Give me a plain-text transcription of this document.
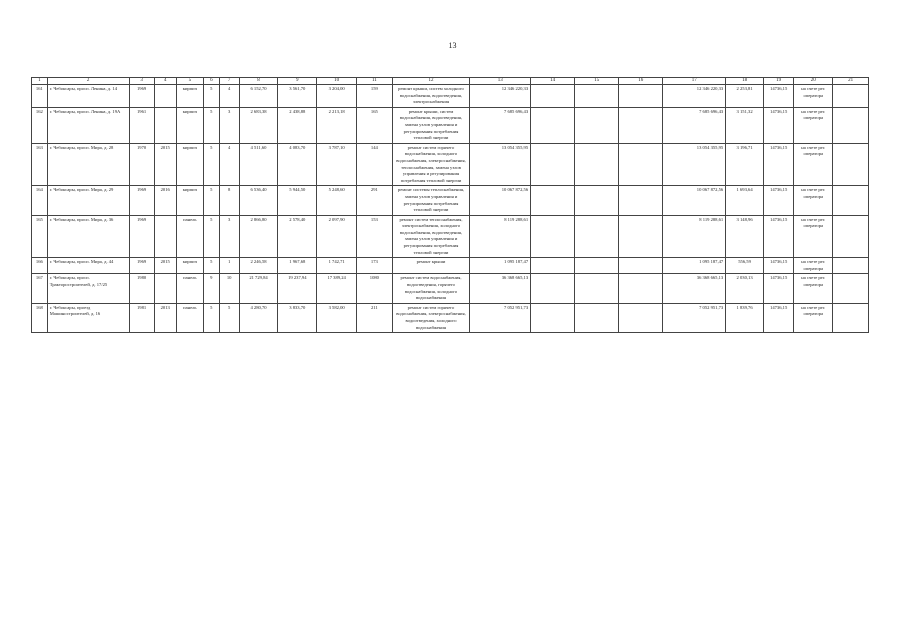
13
1	2	3	4	5	6	7	8	9	10	11	12	13	14	15	16	17	18	19	20	21
161	г. Чебоксары, просп. Ленина, д. 14	1969		кирпич	5	4	6 152,70	3 561,70	3 204,00	159	ремонт крыши, систем холодного водоснабжения, водоотведения, электроснабжения	12 346 220,33				12 346 220,33	2 253,81	14736,15	на счете рег. оператора	
162	г. Чебоксары, просп. Ленина, д. 19А	1961		кирпич	5	3	2 683,38	2 438,88	2 213,18	165	ремонт крыши, систем водоснабжения, водоотведения, замена узлов управления и регулирования потребления тепловой энергии	7 685 696,43				7 685 696,43	3 151,32	14736,15	на счете рег. оператора	
163	г. Чебоксары, просп. Мира, д. 28	1970	2015	кирпич	5	4	4 511,60	4 083,70	3 787,10	144	ремонт систем горячего водоснабжения, холодного водоснабжения, электроснабжения, теплоснабжения, замена узлов управления и регулирования потребления тепловой энергии	13 054 355,95				13 054 355,95	3 196,71	14736,15	на счете рег. оператора	
164	г. Чебоксары, просп. Мира, д. 29	1969	2016	кирпич	5	8	6 536,40	5 944,50	5 248,60	291	ремонт системы теплоснабжения, замена узлов управления и регулирования потребления тепловой энергии	10 067 872,56				10 067 872,56	1 693,64	14736,15	на счете рег. оператора	
165	г. Чебоксары, просп. Мира, д. 36	1969		панель	5	3	2 866,80	2 578,40	2 097,90	153	ремонт систем теплоснабжения, электроснабжения, холодного водоснабжения, водоотведения, замена узлов управления и регулирования потребления тепловой энергии	8 119 288,61				8 119 288,61	3 148,96	14736,15	на счете рег. оператора	
166	г. Чебоксары, просп. Мира, д. 44	1969	2015	кирпич	5	1	2 246,58	1 967,68	1 742,71	173	ремонт крыши	1 095 187,47				1 095 187,47	556,59	14736,15	на счете рег. оператора	
167	г. Чебоксары, просп. Тракторостроителей, д. 17/25	1980		панель	9	10	21 729,84	19 237,94	17 389,24	1080	ремонт систем водоснабжения, водоотведения, горячего водоснабжения, холодного водоснабжения	36 368 665,13				36 368 665,13	2 030,13	14736,15	на счете рег. оператора	
168	г. Чебоксары, проезд Машиностроителей, д. 16	1981	2013	панель	5	5	4 280,70	3 833,70	3 582,00	211	ремонт систем горячего водоснабжения, электроснабжения, водоотведения, холодного водоснабжения	7 052 951,73				7 052 951,73	1 839,76	14736,15	на счете рег. оператора	
